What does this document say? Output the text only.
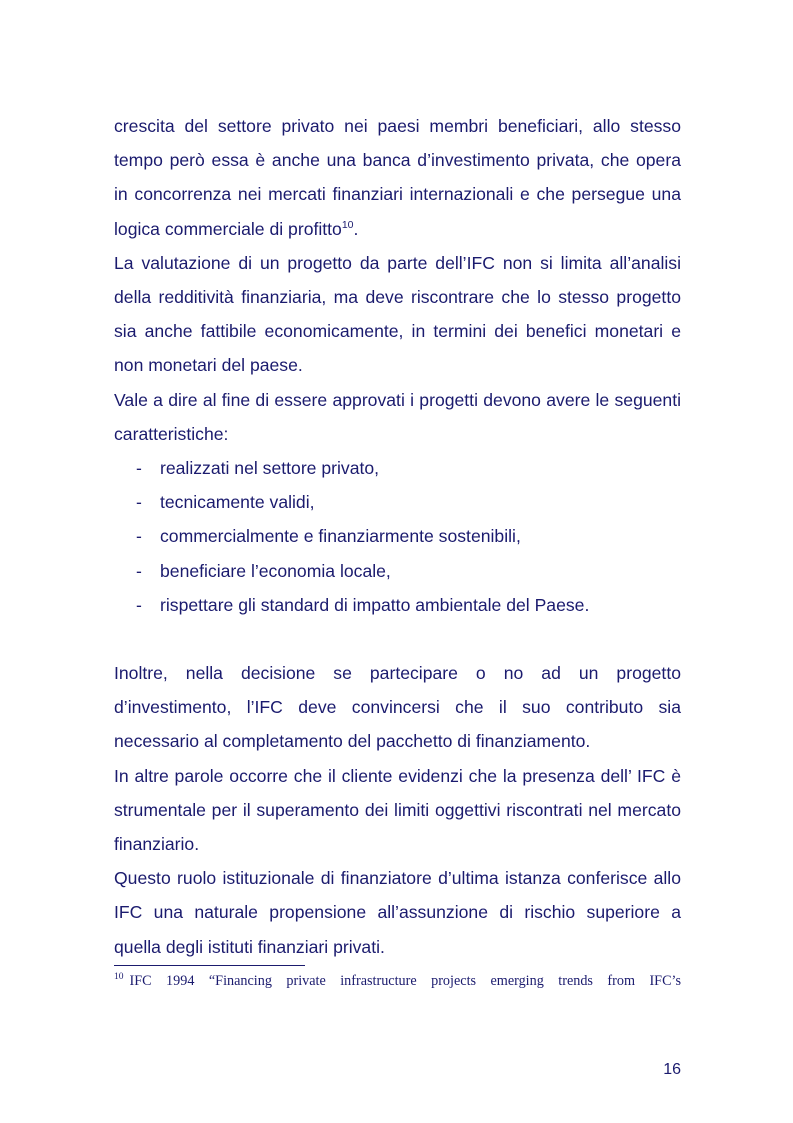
crescita del settore privato nei paesi membri beneficiari, allo stesso tempo però essa è anche una banca d’investimento privata, che opera in concorrenza nei mercati finanziari internazionali e che persegue una logica commerciale di profitto$^{10}$.

La valutazione di un progetto da parte dell’IFC non si limita all’analisi della redditività finanziaria, ma deve riscontrare che lo stesso progetto sia anche fattibile economicamente, in termini dei benefici monetari e non monetari del paese.

Vale a dire al fine di essere approvati i progetti devono avere le seguenti caratteristiche:

- realizzati nel settore privato,
- tecnicamente validi,
- commercialmente e finanziarmente sostenibili,
- beneficiare l’economia locale,
- rispettare gli standard di impatto ambientale del Paese.

Inoltre, nella decisione se partecipare o no ad un progetto d’investimento, l’IFC deve convincersi che il suo contributo sia necessario al completamento del pacchetto di finanziamento.

In altre parole occorre che il cliente evidenzi che la presenza dell’ IFC è strumentale per il superamento dei limiti oggettivi riscontrati nel mercato finanziario.

Questo ruolo istituzionale di finanziatore d’ultima istanza conferisce allo IFC una naturale propensione all’assunzione di rischio superiore a quella degli istituti finanziari privati.

$^{10}$ IFC 1994 “Financing private infrastructure projects emerging trends from IFC’s
16
